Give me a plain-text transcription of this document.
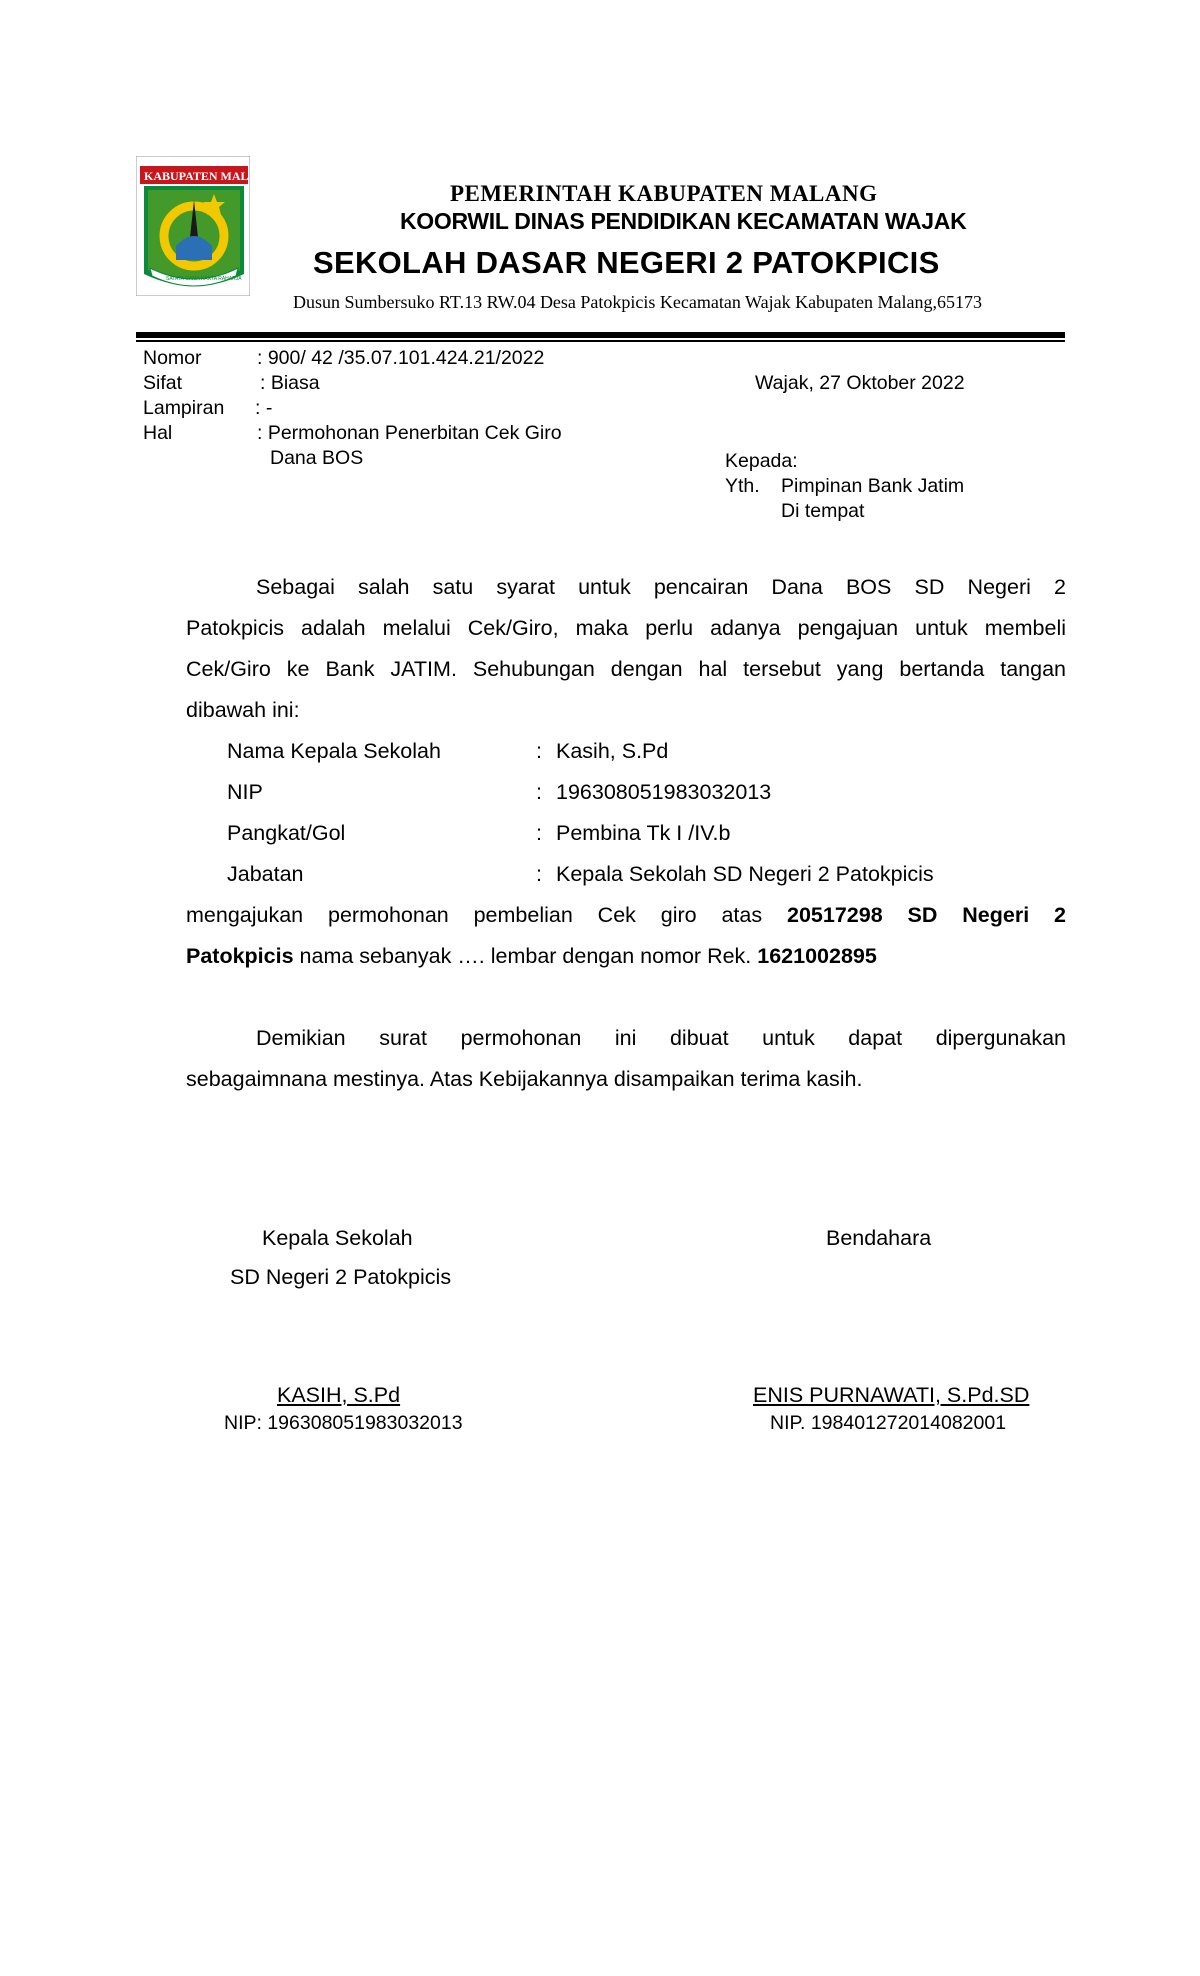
KABUPATEN MAL
SATATA GAMA KARTA RAHARJA
PEMERINTAH KABUPATEN MALANG
KOORWIL DINAS PENDIDIKAN KECAMATAN WAJAK
SEKOLAH DASAR NEGERI 2 PATOKPICIS
Dusun Sumbersuko RT.13 RW.04 Desa Patokpicis Kecamatan Wajak Kabupaten Malang,65173
Nomor	: 900/ 42 /35.07.101.424.21/2022
Sifat	: Biasa
Lampiran : -
Hal	: Permohonan Penerbitan Cek Giro
Dana BOS
Wajak, 27 Oktober 2022
Kepada:
Yth. Pimpinan Bank Jatim
Di tempat
Sebagai salah satu syarat untuk pencairan Dana BOS SD Negeri 2
Patokpicis adalah melalui Cek/Giro, maka perlu adanya pengajuan untuk membeli
Cek/Giro ke Bank JATIM. Sehubungan dengan hal tersebut yang bertanda tangan
dibawah ini:
Nama Kepala Sekolah	: Kasih, S.Pd
NIP	: 196308051983032013
Pangkat/Gol	: Pembina Tk I /IV.b
Jabatan	: Kepala Sekolah SD Negeri 2 Patokpicis
mengajukan permohonan pembelian Cek giro atas 20517298 SD Negeri 2
Patokpicis nama sebanyak …. lembar dengan nomor Rek. 1621002895
Demikian surat permohonan ini dibuat untuk dapat dipergunakan
sebagaimnana mestinya. Atas Kebijakannya disampaikan terima kasih.
Kepala Sekolah
SD Negeri 2 Patokpicis
Bendahara
KASIH, S.Pd
NIP: 196308051983032013
ENIS PURNAWATI, S.Pd.SD
NIP. 198401272014082001
